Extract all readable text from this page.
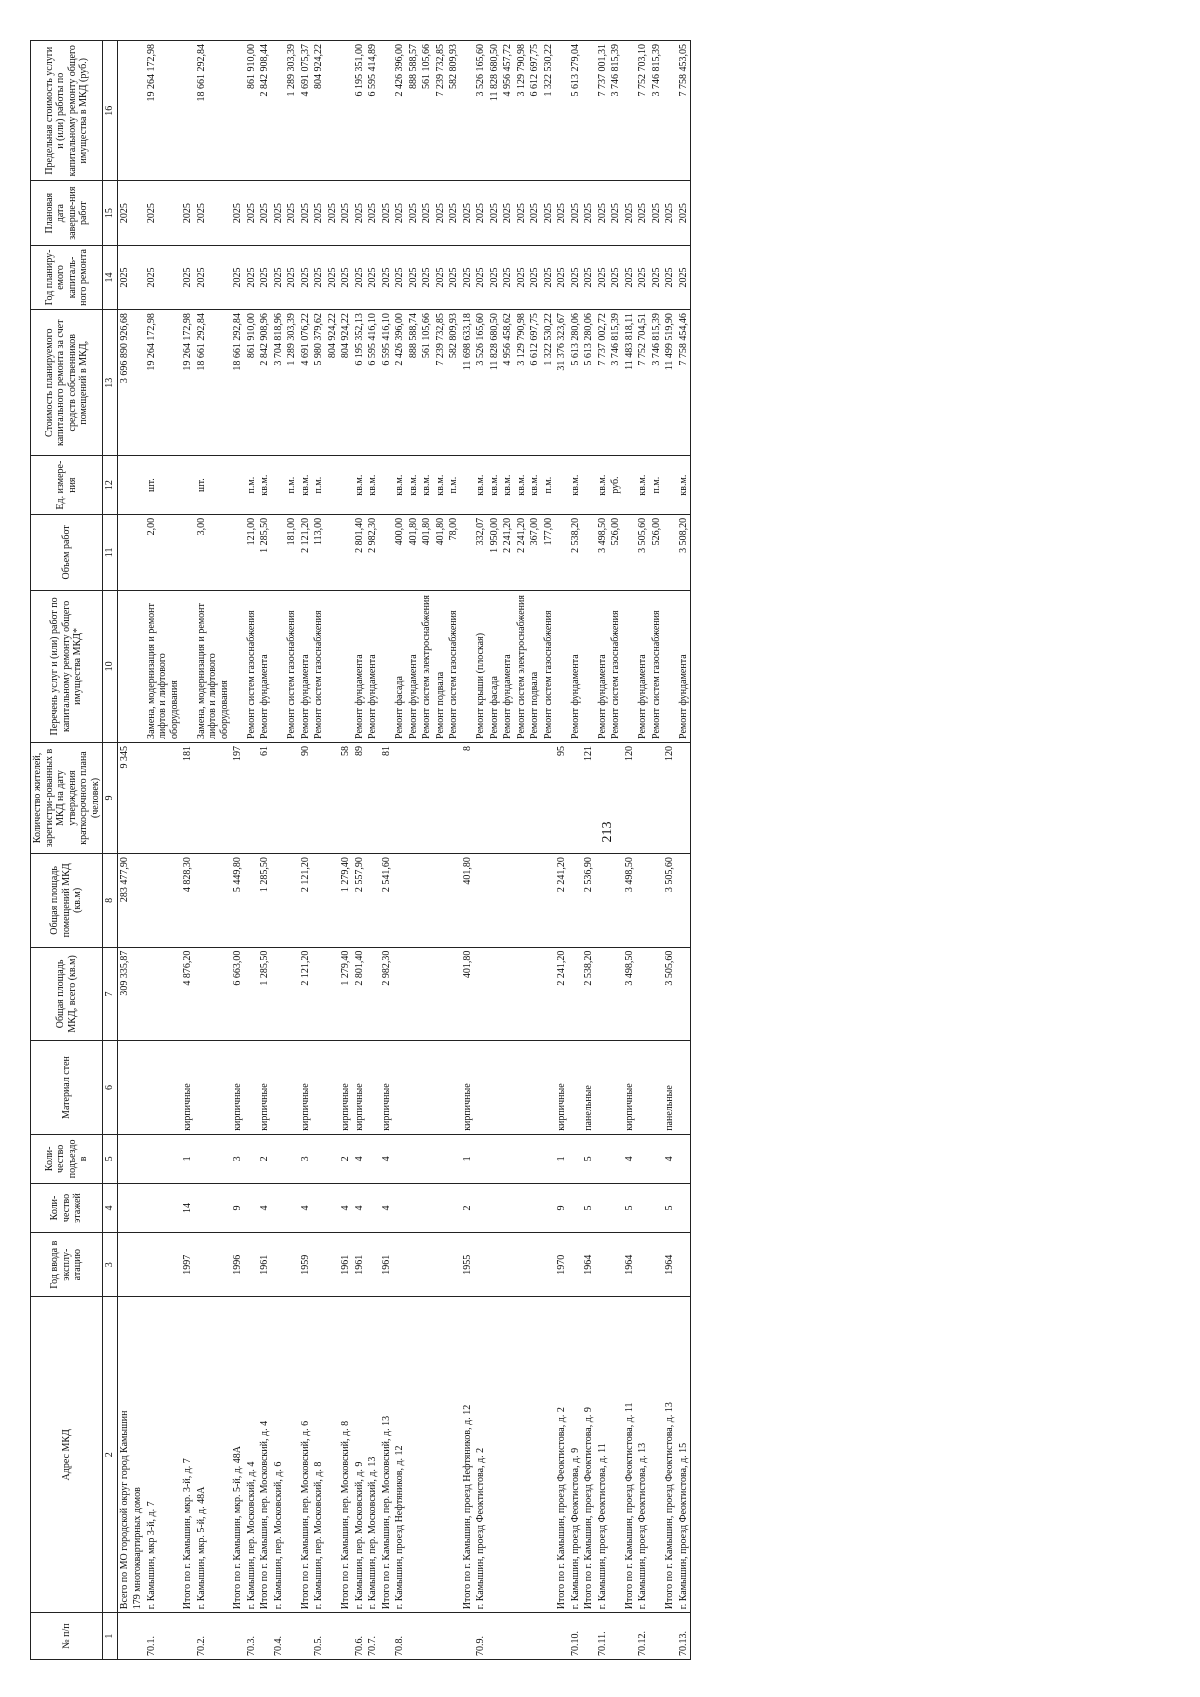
213
№ п/п	Адрес МКД	Год ввода в эксплу-атацию	Коли-чество этажей	Коли-чество подъездо в	Материал стен	Общая площадь МКД, всего (кв.м)	Общая площадь помещений МКД (кв.м)	Количество жителей, зарегистри-рованных в МКД на дату утверждения краткосрочного плана (человек)	Перечень услуг и (или) работ по капитальному ремонту общего имущества МКД*	Объем работ	Ед. измере-ния	Стоимость планируемого капитального ремонта за счет средств собственников помещений в МКД,	Год планиру-емого капиталь-ного ремонта	Плановая дата заверше-ния работ	Предельная стоимость услуги и (или) работы по капитальному ремонту общего имущества в МКД (руб.)
1	2	3	4	5	6	7	8	9	10	11	12	13	14	15	16
	Всего по МО городской округ город Камышин					309 335,87	283 477,90	9 345				3 696 890 926,68	2025	2025	
	179 многоквартирных домов														
70.1.	г. Камышин, мкр 3-й, д. 7								Замена, модернизация и ремонт лифтов и лифтового оборудования	2,00	шт.	19 264 172,98	2025	2025	19 264 172,98
	Итого по г. Камышин, мкр. 3-й, д. 7	1997	14	1	кирпичные	4 876,20	4 828,30	181				19 264 172,98	2025	2025	
70.2.	г. Камышин, мкр. 5-й, д. 48А								Замена, модернизация и ремонт лифтов и лифтового оборудования	3,00	шт.	18 661 292,84	2025	2025	18 661 292,84
	Итого по г. Камышин, мкр. 5-й, д. 48А	1996	9	3	кирпичные	6 663,00	5 449,80	197				18 661 292,84	2025	2025	
70.3.	г. Камышин, пер. Московский, д. 4								Ремонт систем газоснабжения	121,00	п.м.	861 910,00	2025	2025	861 910,00
	Итого по г. Камышин, пер. Московский, д. 4	1961	4	2	кирпичные	1 285,50	1 285,50	61	Ремонт фундамента	1 285,50	кв.м.	2 842 908,96	2025	2025	2 842 908,44
70.4.	г. Камышин, пер. Московский, д. 6											3 704 818,96	2025	2025	
									Ремонт систем газоснабжения	181,00	п.м.	1 289 303,39	2025	2025	1 289 303,39
	Итого по г. Камышин, пер. Московский, д. 6	1959	4	3	кирпичные	2 121,20	2 121,20	90	Ремонт фундамента	2 121,20	кв.м.	4 691 076,22	2025	2025	4 691 075,37
70.5.	г. Камышин, пер. Московский, д. 8								Ремонт систем газоснабжения	113,00	п.м.	5 980 379,62	2025	2025	804 924,22
												804 924,22	2025	2025	
	Итого по г. Камышин, пер. Московский, д. 8	1961	4	2	кирпичные	1 279,40	1 279,40	58				804 924,22	2025	2025	
70.6.	г. Камышин, пер. Московский, д. 9	1961	4	4	кирпичные	2 801,40	2 557,90	89	Ремонт фундамента	2 801,40	кв.м.	6 195 352,13	2025	2025	6 195 351,00
70.7.	г. Камышин, пер. Московский, д. 13								Ремонт фундамента	2 982,30	кв.м.	6 595 416,10	2025	2025	6 595 414,89
	Итого по г. Камышин, пер. Московский, д. 13	1961	4	4	кирпичные	2 982,30	2 541,60	81				6 595 416,10	2025	2025	
70.8.	г. Камышин, проезд Нефтяников, д. 12								Ремонт фасада	400,00	кв.м.	2 426 396,00	2025	2025	2 426 396,00
									Ремонт фундамента	401,80	кв.м.	888 588,74	2025	2025	888 588,57
									Ремонт систем электроснабжения	401,80	кв.м.	561 105,66	2025	2025	561 105,66
									Ремонт подвала	401,80	кв.м.	7 239 732,85	2025	2025	7 239 732,85
									Ремонт систем газоснабжения	78,00	п.м.	582 809,93	2025	2025	582 809,93
	Итого по г. Камышин, проезд Нефтяников, д. 12	1955	2	1	кирпичные	401,80	401,80	8				11 698 633,18	2025	2025	
70.9.	г. Камышин, проезд Феоктистова, д. 2								Ремонт крыши (плоская)	332,07	кв.м.	3 526 165,60	2025	2025	3 526 165,60
									Ремонт фасада	1 950,00	кв.м.	11 828 680,50	2025	2025	11 828 680,50
									Ремонт фундамента	2 241,20	кв.м.	4 956 458,62	2025	2025	4 956 457,72
									Ремонт систем электроснабжения	2 241,20	кв.м.	3 129 790,98	2025	2025	3 129 790,98
									Ремонт подвала	367,00	кв.м.	6 612 697,75	2025	2025	6 612 697,75
									Ремонт систем газоснабжения	177,00	п.м.	1 322 530,22	2025	2025	1 322 530,22
	Итого по г. Камышин, проезд Феоктистова, д. 2	1970	9	1	кирпичные	2 241,20	2 241,20	95				31 376 323,67	2025	2025	
70.10.	г. Камышин, проезд Феоктистова, д. 9								Ремонт фундамента	2 538,20	кв.м.	5 613 280,06	2025	2025	5 613 279,04
	Итого по г. Камышин, проезд Феоктистова, д. 9	1964	5	5	панельные	2 538,20	2 536,90	121				5 613 280,06	2025	2025	
70.11.	г. Камышин, проезд Феоктистова, д. 11								Ремонт фундамента	3 498,50	кв.м.	7 737 002,72	2025	2025	7 737 001,31
									Ремонт систем газоснабжения	526,00	руб.	3 746 815,39	2025	2025	3 746 815,39
	Итого по г. Камышин, проезд Феоктистова, д. 11	1964	5	4	кирпичные	3 498,50	3 498,50	120				11 483 818,11	2025	2025	
70.12.	г. Камышин, проезд Феоктистова, д. 13								Ремонт фундамента	3 505,60	кв.м.	7 752 704,51	2025	2025	7 752 703,10
									Ремонт систем газоснабжения	526,00	п.м.	3 746 815,39	2025	2025	3 746 815,39
	Итого по г. Камышин, проезд Феоктистова, д. 13	1964	5	4	панельные	3 505,60	3 505,60	120				11 499 519,90	2025	2025	
70.13.	г. Камышин, проезд Феоктистова, д. 15								Ремонт фундамента	3 508,20	кв.м.	7 758 454,46	2025	2025	7 758 453,05
